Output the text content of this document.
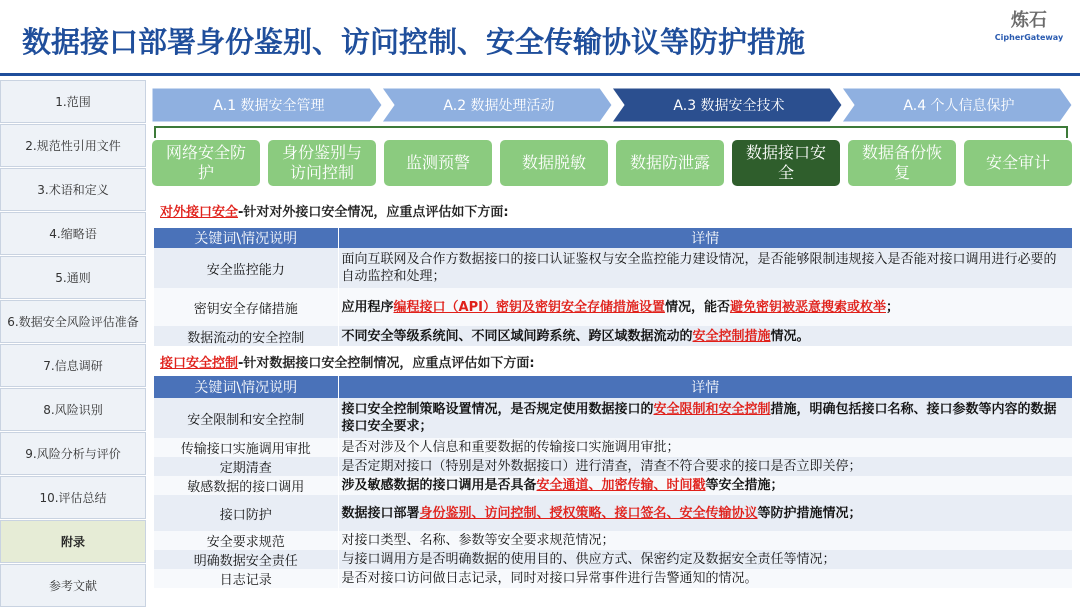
数据接口部署身份鉴别、访问控制、安全传输协议等防护措施
炼石
CipherGateway
1.范围
2.规范性引用文件
3.术语和定义
4.缩略语
5.通则
6.数据安全风险评估准备
7.信息调研
8.风险识别
9.风险分析与评价
10.评估总结
附录
参考文献
A.1 数据安全管理	A.2 数据处理活动	A.3 数据安全技术	A.4 个人信息保护
网络安全防护
身份鉴别与访问控制
监测预警	数据脱敏	数据防泄露
数据接口安全
数据备份恢复
安全审计
对外接口安全-针对对外接口安全情况，应重点评估如下方面:
关键词\情况说明	详情
安全监控能力	面向互联网及合作方数据接口的接口认证鉴权与安全监控能力建设情况，是否能够限制违规接入是否能对接口调用进行必要的自动监控和处理；
密钥安全存储措施	应用程序编程接口（API）密钥及密钥安全存储措施设置情况，能否避免密钥被恶意搜索或枚举；
数据流动的安全控制	不同安全等级系统间、不同区域间跨系统、跨区域数据流动的安全控制措施情况。
接口安全控制-针对数据接口安全控制情况，应重点评估如下方面:
关键词\情况说明	详情
安全限制和安全控制	接口安全控制策略设置情况，是否规定使用数据接口的安全限制和安全控制措施，明确包括接口名称、接口参数等内容的数据接口安全要求；
传输接口实施调用审批	是否对涉及个人信息和重要数据的传输接口实施调用审批；
定期清查	是否定期对接口（特别是对外数据接口）进行清查，清查不符合要求的接口是否立即关停；
敏感数据的接口调用	涉及敏感数据的接口调用是否具备安全通道、加密传输、时间戳等安全措施；
接口防护	数据接口部署身份鉴别、访问控制、授权策略、接口签名、安全传输协议等防护措施情况；
安全要求规范	对接口类型、名称、参数等安全要求规范情况；
明确数据安全责任	与接口调用方是否明确数据的使用目的、供应方式、保密约定及数据安全责任等情况；
日志记录	是否对接口访问做日志记录，同时对接口异常事件进行告警通知的情况。
